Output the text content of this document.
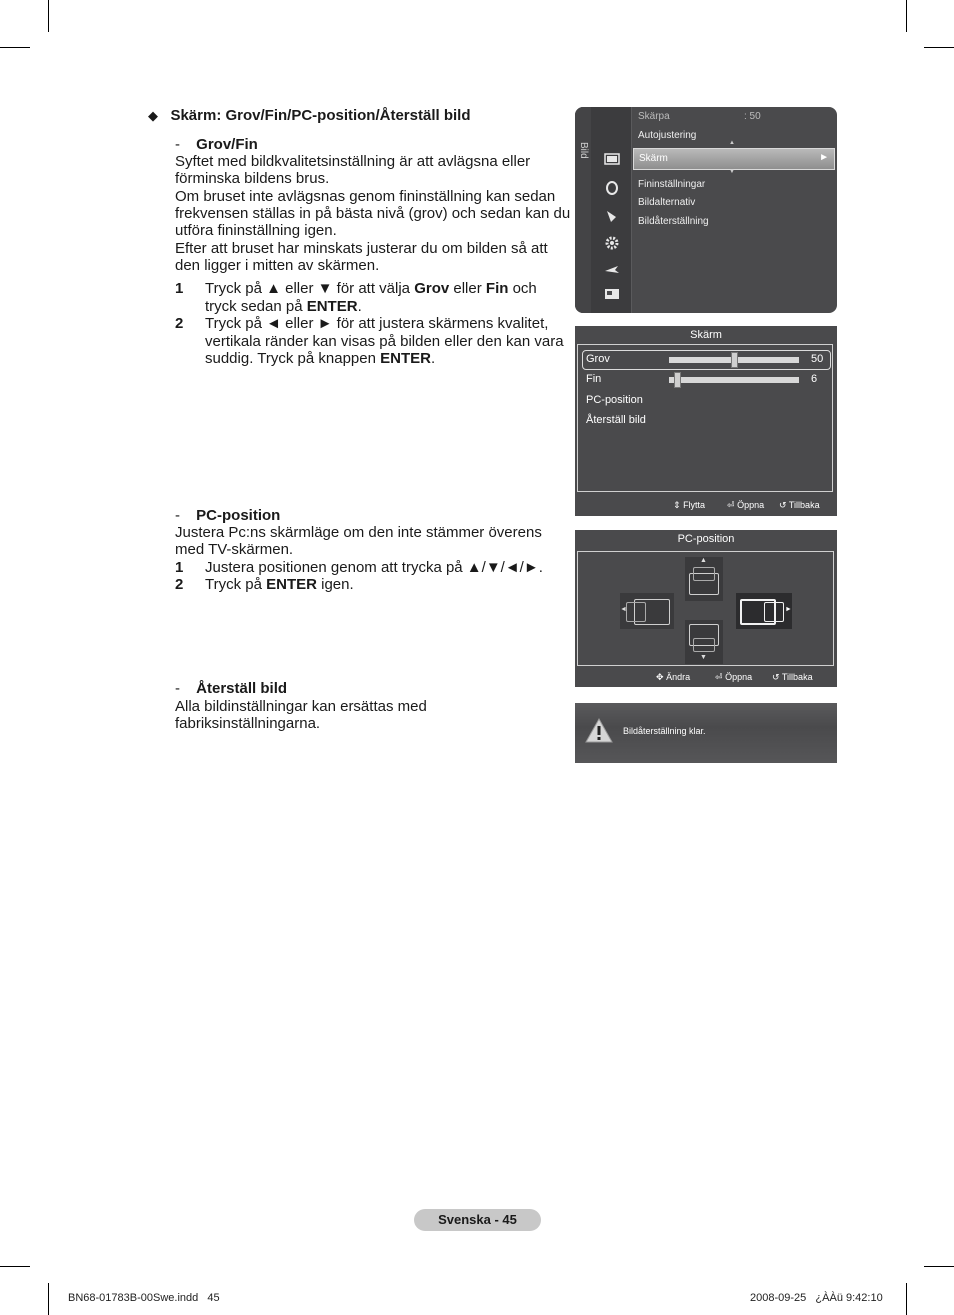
◆ Skärm: Grov/Fin/PC-position/Återställ bild
- Grov/Fin
Syftet med bildkvalitetsinställning är att avlägsna eller
förminska bildens brus.
Om bruset inte avlägsnas genom fininställning kan sedan
frekvensen ställas in på bästa nivå (grov) och sedan kan du
utföra fininställning igen.
Efter att bruset har minskats justerar du om bilden så att
den ligger i mitten av skärmen.
1 Tryck på ▲ eller ▼ för att välja Grov eller Fin och
tryck sedan på ENTER.
2 Tryck på ◄ eller ► för att justera skärmens kvalitet,
vertikala ränder kan visas på bilden eller den kan vara
suddig. Tryck på knappen ENTER.
- PC-position
Justera Pc:ns skärmläge om den inte stämmer överens
med TV-skärmen.
1 Justera positionen genom att trycka på ▲/▼/◄/►.
2 Tryck på ENTER igen.
- Återställ bild
Alla bildinställningar kan ersättas med
fabriksinställningarna.
Bild
Skärpa	: 50
Autojustering
▲
Skärm	►
▼
Fininställningar
Bildalternativ
Bildåterställning
Skärm
Grov	50
Fin	6
PC-position
Återställ bild
⇕ Flytta ⏎ Öppna ↺ Tillbaka
PC-position
▲
◄	►
▼
✥ Ändra	⏎ Öppna ↺ Tillbaka
Bildåterställning klar.
Svenska - 45
BN68-01783B-00Swe.indd   45	2008-09-25   ¿ÀÀü 9:42:10
